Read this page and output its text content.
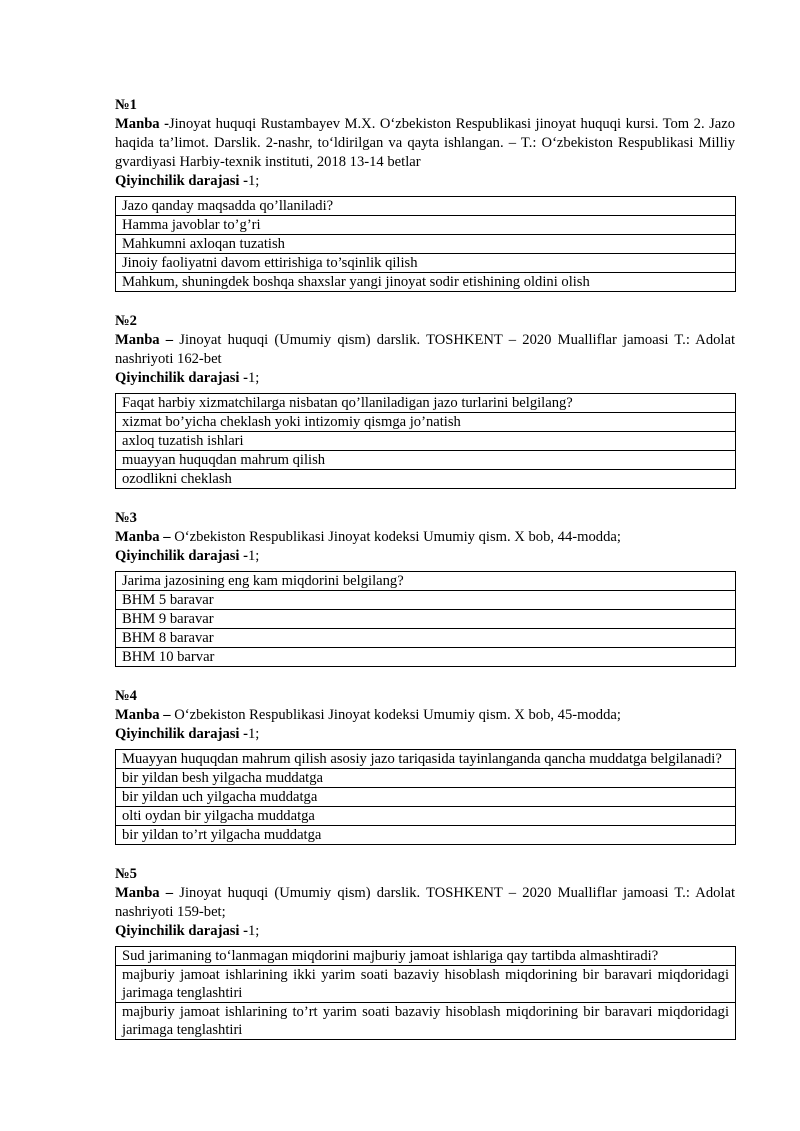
№1
Manba -Jinoyat huquqi Rustambayev M.X. O‘zbekiston Respublikasi jinoyat huquqi kursi. Tom 2. Jazo haqida ta’limot. Darslik. 2-nashr, to‘ldirilgan va qayta ishlangan. – T.: O‘zbekiston Respublikasi Milliy gvardiyasi Harbiy-texnik instituti, 2018 13-14 betlar
Qiyinchilik darajasi -1;
Jazo qanday maqsadda qo’llaniladi?
Hamma javoblar to’g’ri
Mahkumni axloqan tuzatish
Jinoiy faoliyatni davom ettirishiga to’sqinlik qilish
Mahkum, shuningdek boshqa shaxslar yangi jinoyat sodir etishining oldini olish
№2
Manba – Jinoyat huquqi (Umumiy qism) darslik. TOSHKENT – 2020 Mualliflar jamoasi T.: Adolat nashriyoti 162-bet
Qiyinchilik darajasi -1;
Faqat harbiy xizmatchilarga nisbatan qo’llaniladigan jazo turlarini belgilang?
xizmat bo’yicha cheklash yoki intizomiy qismga jo’natish
axloq tuzatish ishlari
muayyan huquqdan mahrum qilish
ozodlikni cheklash
№3
Manba – O‘zbekiston Respublikasi Jinoyat kodeksi Umumiy qism. X bob, 44-modda;
Qiyinchilik darajasi -1;
Jarima jazosining eng kam miqdorini belgilang?
BHM 5 baravar
BHM 9 baravar
BHM 8 baravar
BHM 10 barvar
№4
Manba – O‘zbekiston Respublikasi Jinoyat kodeksi Umumiy qism. X bob, 45-modda;
Qiyinchilik darajasi -1;
Muayyan huquqdan mahrum qilish asosiy jazo tariqasida tayinlanganda qancha muddatga belgilanadi?
bir yildan besh yilgacha muddatga
bir yildan uch yilgacha muddatga
olti oydan bir yilgacha muddatga
bir yildan to’rt yilgacha muddatga
№5
Manba – Jinoyat huquqi (Umumiy qism) darslik. TOSHKENT – 2020 Mualliflar jamoasi T.: Adolat nashriyoti 159-bet;
Qiyinchilik darajasi -1;
Sud jarimaning to‘lanmagan miqdorini majburiy jamoat ishlariga qay tartibda almashtiradi?
majburiy jamoat ishlarining ikki yarim soati bazaviy hisoblash miqdorining bir baravari miqdoridagi jarimaga tenglashtiri
majburiy jamoat ishlarining to’rt yarim soati bazaviy hisoblash miqdorining bir baravari miqdoridagi jarimaga tenglashtiri
